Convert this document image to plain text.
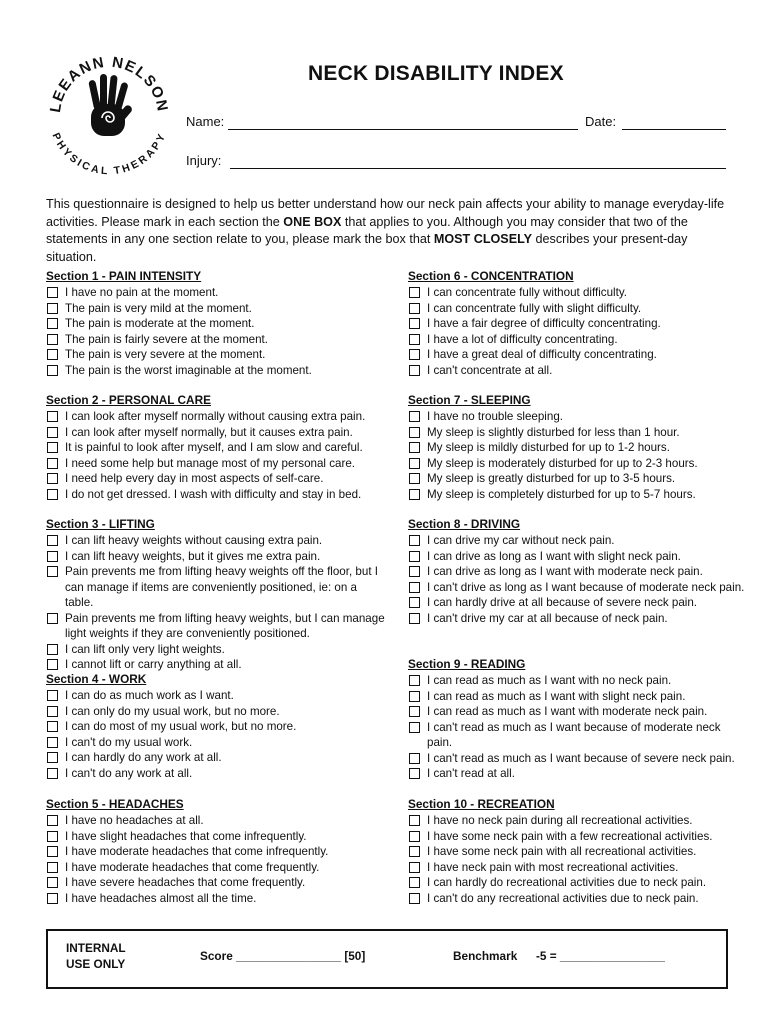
LEEANN NELSON
PHYSICAL THERAPY
NECK DISABILITY INDEX
Name:	Date:
Injury:
This questionnaire is designed to help us better understand how our neck pain affects your ability to manage everyday-life activities. Please mark in each section the ONE BOX that applies to you. Although you may consider that two of the statements in any one section relate to you, please mark the box that MOST CLOSELY describes your present-day situation.
Section 1 - PAIN INTENSITY
I have no pain at the moment.
The pain is very mild at the moment.
The pain is moderate at the moment.
The pain is fairly severe at the moment.
The pain is very severe at the moment.
The pain is the worst imaginable at the moment.
Section 2 - PERSONAL CARE
I can look after myself normally without causing extra pain.
I can look after myself normally, but it causes extra pain.
It is painful to look after myself, and I am slow and careful.
I need some help but manage most of my personal care.
I need help every day in most aspects of self-care.
I do not get dressed. I wash with difficulty and stay in bed.
Section 3 - LIFTING
I can lift heavy weights without causing extra pain.
I can lift heavy weights, but it gives me extra pain.
Pain prevents me from lifting heavy weights off the floor, but I can manage if items are conveniently positioned, ie: on a table.
Pain prevents me from lifting heavy weights, but I can manage light weights if they are conveniently positioned.
I can lift only very light weights.
I cannot lift or carry anything at all.
Section 4 - WORK
I can do as much work as I want.
I can only do my usual work, but no more.
I can do most of my usual work, but no more.
I can't do my usual work.
I can hardly do any work at all.
I can't do any work at all.
Section 5 - HEADACHES
I have no headaches at all.
I have slight headaches that come infrequently.
I have moderate headaches that come infrequently.
I have moderate headaches that come frequently.
I have severe headaches that come frequently.
I have headaches almost all the time.
Section 6 - CONCENTRATION
I can concentrate fully without difficulty.
I can concentrate fully with slight difficulty.
I have a fair degree of difficulty concentrating.
I have a lot of difficulty concentrating.
I have a great deal of difficulty concentrating.
I can't concentrate at all.
Section 7 - SLEEPING
I have no trouble sleeping.
My sleep is slightly disturbed for less than 1 hour.
My sleep is mildly disturbed for up to 1-2 hours.
My sleep is moderately disturbed for up to 2-3 hours.
My sleep is greatly disturbed for up to 3-5 hours.
My sleep is completely disturbed for up to 5-7 hours.
Section 8 - DRIVING
I can drive my car without neck pain.
I can drive as long as I want with slight neck pain.
I can drive as long as I want with moderate neck pain.
I can't drive as long as I want because of moderate neck pain.
I can hardly drive at all because of severe neck pain.
I can't drive my car at all because of neck pain.
Section 9 - READING
I can read as much as I want with no neck pain.
I can read as much as I want with slight neck pain.
I can read as much as I want with moderate neck pain.
I can't read as much as I want because of moderate neck pain.
I can't read as much as I want because of severe neck pain.
I can't read at all.
Section 10 - RECREATION
I have no neck pain during all recreational activities.
I have some neck pain with a few recreational activities.
I have some neck pain with all recreational activities.
I have neck pain with most recreational activities.
I can hardly do recreational activities due to neck pain.
I can't do any recreational activities due to neck pain.
INTERNAL
USE ONLY
Score ________________ [50]	Benchmark -5 = ________________
